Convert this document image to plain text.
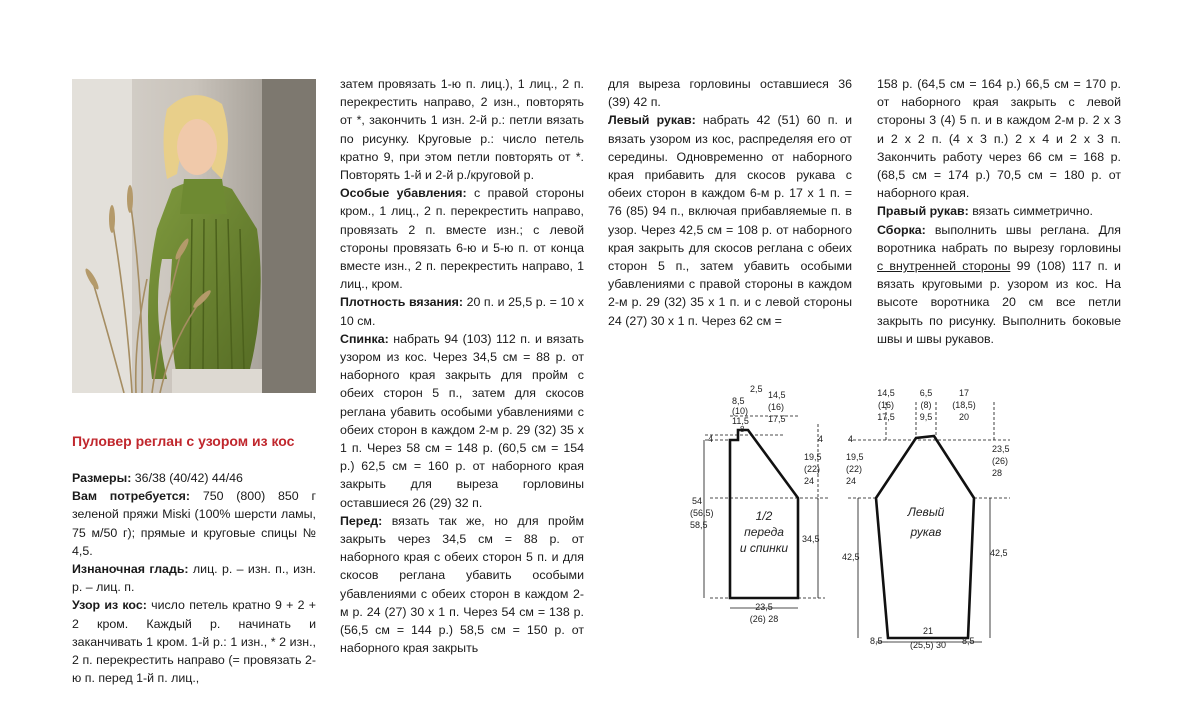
Пуловер реглан с узором из кос

Размеры: 36/38 (40/42) 44/46

Вам потребуется: 750 (800) 850 г зеленой пряжи Miski (100% шерсти ламы, 75 м/50 г); прямые и круговые спицы № 4,5.

Изнаночная гладь: лиц. р. – изн. п., изн. р. – лиц. п.

Узор из кос: число петель кратно 9 + 2 + 2 кром. Каждый р. начинать и заканчивать 1 кром. 1-й р.: 1 изн., * 2 изн., 2 п. перекрестить направо (= провязать 2-ю п. перед 1-й п. лиц.,

затем провязать 1-ю п. лиц.), 1 лиц., 2 п. перекрестить направо, 2 изн., повторять от *, закончить 1 изн. 2-й р.: петли вязать по рисунку. Круговые р.: число петель кратно 9, при этом петли повторять от *. Повторять 1-й и 2-й р./круговой р.

Особые убавления: с правой стороны кром., 1 лиц., 2 п. перекрестить направо, провязать 2 п. вместе изн.; с левой стороны провязать 6-ю и 5-ю п. от конца вместе изн., 2 п. перекрестить направо, 1 лиц., кром.

Плотность вязания: 20 п. и 25,5 р. = 10 х 10 см.

Спинка: набрать 94 (103) 112 п. и вязать узором из кос. Через 34,5 см = 88 р. от наборного края закрыть для пройм с обеих сторон 5 п., затем для скосов реглана убавить особыми убавлениями с обеих сторон в каждом 2-м р. 29 (32) 35 х 1 п. Через 58 см = 148 р. (60,5 см = 154 р.) 62,5 см = 160 р. от наборного края закрыть для выреза горловины оставшиеся 26 (29) 32 п.

Перед: вязать так же, но для пройм закрыть через 34,5 см = 88 р. от наборного края с обеих сторон 5 п. и для скосов реглана убавить особыми убавлениями с обеих сторон в каждом 2-м р. 24 (27) 30 х 1 п. Через 54 см = 138 р. (56,5 см = 144 р.) 58,5 см = 150 р. от наборного края закрыть

для выреза горловины оставшиеся 36 (39) 42 п.

Левый рукав: набрать 42 (51) 60 п. и вязать узором из кос, распределяя его от середины. Одновременно от наборного края прибавить для скосов рукава с обеих сторон в каждом 6-м р. 17 х 1 п. = 76 (85) 94 п., включая прибавляемые п. в узор. Через 42,5 см = 108 р. от наборного края закрыть для скосов реглана с обеих сторон 5 п., затем убавить особыми убавлениями с правой стороны в каждом 2-м р. 29 (32) 35 х 1 п. и с левой стороны 24 (27) 30 х 1 п. Через 62 см =

158 р. (64,5 см = 164 р.) 66,5 см = 170 р. от наборного края закрыть с левой стороны 3 (4) 5 п. и в каждом 2-м р. 2 х 3 и 2 х 2 п. (4 х 3 п.) 2 х 4 и 2 х 3 п. Закончить работу через 66 см = 168 р. (68,5 см = 174 р.) 70,5 см = 180 р. от наборного края.

Правый рукав: вязать симметрично.

Сборка: выполнить швы реглана. Для воротника набрать по вырезу горловины с внутренней стороны 99 (108) 117 п. и вязать круговыми р. узором из кос. На высоте воротника 20 см все петли закрыть по рисунку. Выполнить боковые швы и швы рукавов.

1/2
переда
и спинки
2,5
8,5
(10)
11,5
14,5
(16)
17,5
4
8
4
19,5
(22)
24
54
(56,5)
58,5
34,5
23,5
(26) 28
Левый
рукав
14,5
(16)
17,5
6,5
(8)
9,5
17
(18,5)
20
4
19,5
(22)
24
23,5
(26)
28
42,5	42,5
8,5	8,5
21
(25,5) 30
